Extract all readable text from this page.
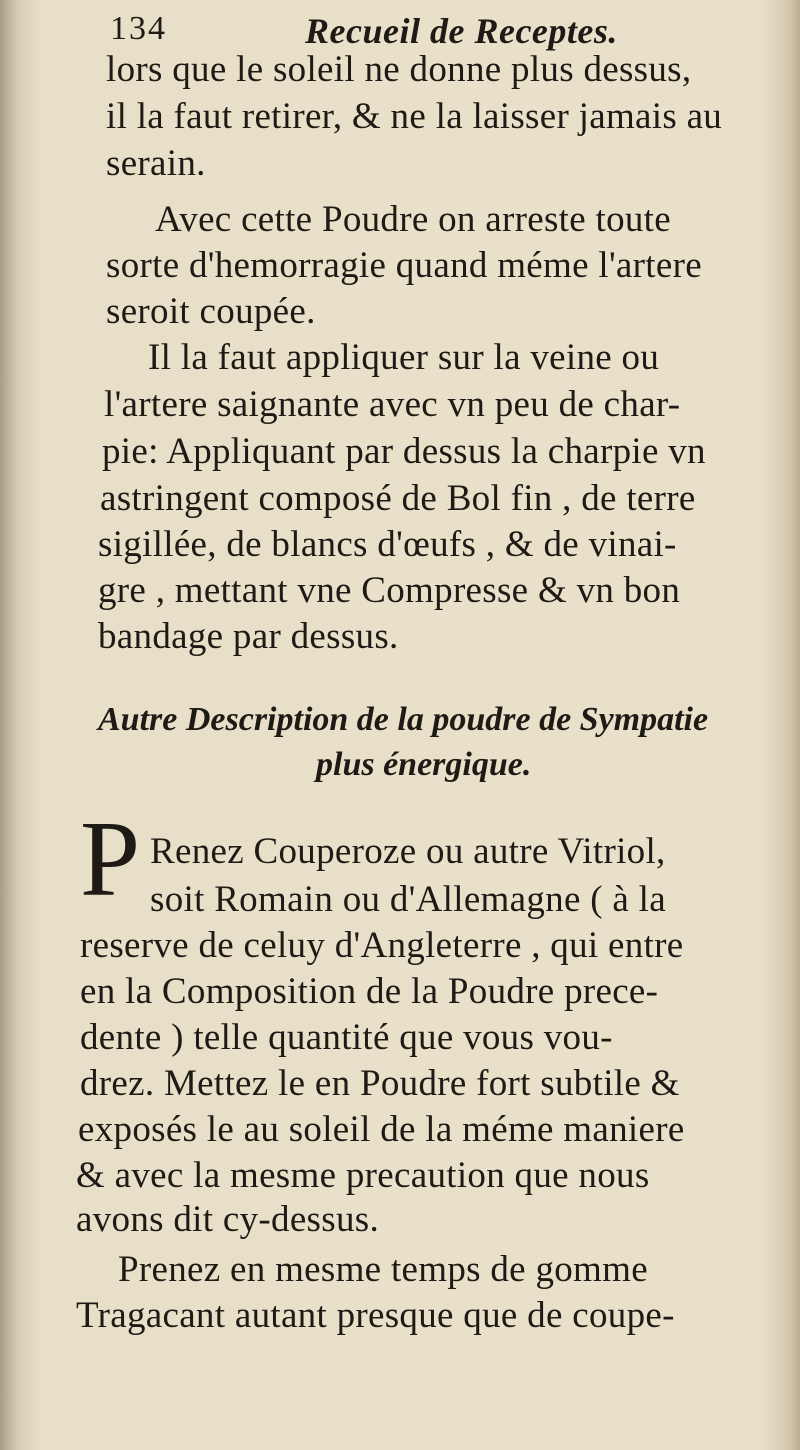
134	Recueil de Receptes.
lors que le soleil ne donne plus dessus,
il la faut retirer, & ne la laisser jamais au
serain.
Avec cette Poudre on arreste toute
sorte d'hemorragie quand méme l'artere
seroit coupée.
Il la faut appliquer sur la veine ou
l'artere saignante avec vn peu de char-
pie: Appliquant par dessus la charpie vn
astringent composé de Bol fin , de terre
sigillée, de blancs d'œufs , & de vinai-
gre , mettant vne Compresse & vn bon
bandage par dessus.
Autre Description de la poudre de Sympatie
plus énergique.
P Renez Couperoze ou autre Vitriol,
soit Romain ou d'Allemagne ( à la
reserve de celuy d'Angleterre , qui entre
en la Composition de la Poudre prece-
dente ) telle quantité que vous vou-
drez. Mettez le en Poudre fort subtile &
exposés le au soleil de la méme maniere
& avec la mesme precaution que nous
avons dit cy-dessus.
Prenez en mesme temps de gomme
Tragacant autant presque que de coupe-
